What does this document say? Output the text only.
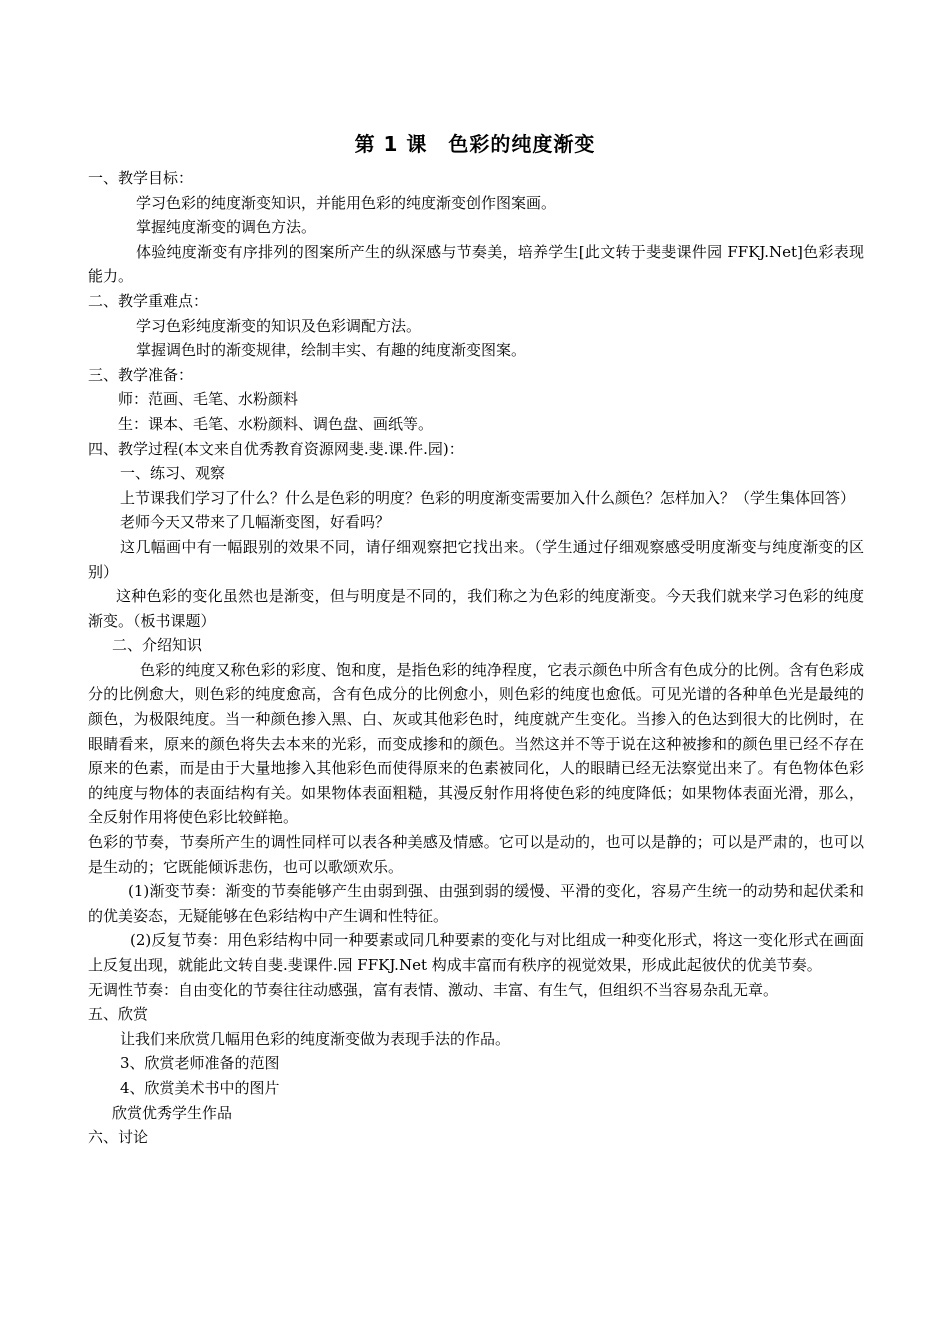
第 1 课　色彩的纯度渐变

一、教学目标：

学习色彩的纯度渐变知识，并能用色彩的纯度渐变创作图案画。

掌握纯度渐变的调色方法。

体验纯度渐变有序排列的图案所产生的纵深感与节奏美，培养学生[此文转于斐斐课件园 FFKJ.Net]色彩表现能力。

二、教学重难点：

学习色彩纯度渐变的知识及色彩调配方法。

掌握调色时的渐变规律，绘制丰实、有趣的纯度渐变图案。

三、教学准备：

师：范画、毛笔、水粉颜料

生：课本、毛笔、水粉颜料、调色盘、画纸等。

四、教学过程(本文来自优秀教育资源网斐.斐.课.件.园)：

一、练习、观察

上节课我们学习了什么？什么是色彩的明度？色彩的明度渐变需要加入什么颜色？怎样加入？（学生集体回答）

老师今天又带来了几幅渐变图，好看吗？

这几幅画中有一幅跟别的效果不同，请仔细观察把它找出来。（学生通过仔细观察感受明度渐变与纯度渐变的区别）

这种色彩的变化虽然也是渐变，但与明度是不同的，我们称之为色彩的纯度渐变。今天我们就来学习色彩的纯度渐变。（板书课题）

二、介绍知识

色彩的纯度又称色彩的彩度、饱和度，是指色彩的纯净程度，它表示颜色中所含有色成分的比例。含有色彩成分的比例愈大，则色彩的纯度愈高，含有色成分的比例愈小，则色彩的纯度也愈低。可见光谱的各种单色光是最纯的颜色，为极限纯度。当一种颜色掺入黑、白、灰或其他彩色时，纯度就产生变化。当掺入的色达到很大的比例时，在眼睛看来，原来的颜色将失去本来的光彩，而变成掺和的颜色。当然这并不等于说在这种被掺和的颜色里已经不存在原来的色素，而是由于大量地掺入其他彩色而使得原来的色素被同化，人的眼睛已经无法察觉出来了。有色物体色彩的纯度与物体的表面结构有关。如果物体表面粗糙，其漫反射作用将使色彩的纯度降低；如果物体表面光滑，那么，全反射作用将使色彩比较鲜艳。

色彩的节奏，节奏所产生的调性同样可以表各种美感及情感。它可以是动的，也可以是静的；可以是严肃的，也可以是生动的；它既能倾诉悲伤，也可以歌颂欢乐。

(1)渐变节奏：渐变的节奏能够产生由弱到强、由强到弱的缓慢、平滑的变化，容易产生统一的动势和起伏柔和的优美姿态，无疑能够在色彩结构中产生调和性特征。

(2)反复节奏：用色彩结构中同一种要素或同几种要素的变化与对比组成一种变化形式，将这一变化形式在画面上反复出现，就能此文转自斐.斐课件.园 FFKJ.Net 构成丰富而有秩序的视觉效果，形成此起彼伏的优美节奏。

无调性节奏：自由变化的节奏往往动感强，富有表情、激动、丰富、有生气，但组织不当容易杂乱无章。

五、欣赏

让我们来欣赏几幅用色彩的纯度渐变做为表现手法的作品。

3、欣赏老师准备的范图

4、欣赏美术书中的图片

欣赏优秀学生作品

六、讨论
